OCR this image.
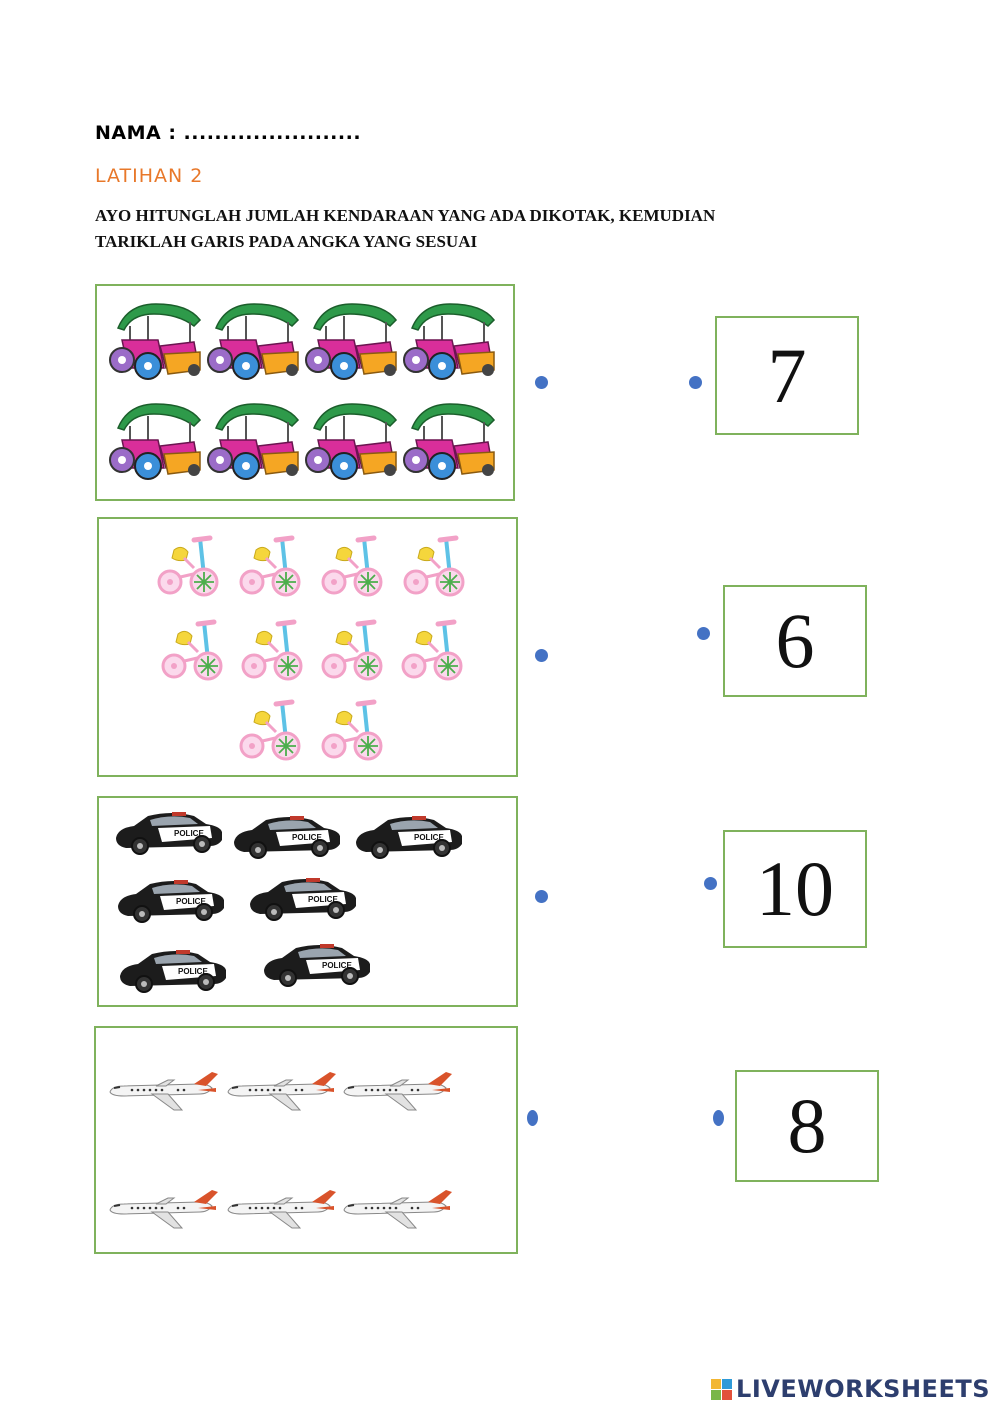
NAMA : .......................
LATIHAN 2
AYO HITUNGLAH JUMLAH KENDARAAN YANG ADA DIKOTAK, KEMUDIAN
TARIKLAH GARIS PADA ANGKA YANG SESUAI
POLICE	POLICE	POLICE
POLICE	POLICE
POLICE
POLICE
7
6
10
8
LIVEWORKSHEETS
